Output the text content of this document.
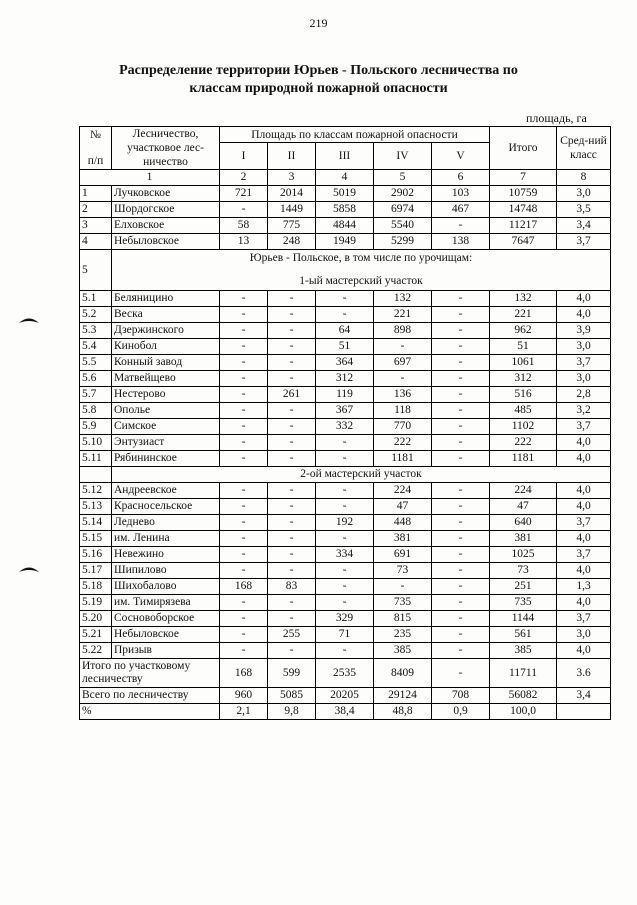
219
Распределение территории Юрьев - Польского лесничества по
классам природной пожарной опасности
площадь, га
№
п/п	Лесничество, участковое лес-ничество	Площадь по классам пожарной опасности					Итого	Сред-ний класс
		I	II	III	IV	V		
1		2	3	4	5	6	7	8
1	Лучковское	721	2014	5019	2902	103	10759	3,0
2	Шордогское	-	1449	5858	6974	467	14748	3,5
3	Елховское	58	775	4844	5540	-	11217	3,4
4	Небыловское	13	248	1949	5299	138	7647	3,7
5	Юрьев - Польское, в том числе по урочищам:
1-ый мастерский участок							

5.1	Беляницино	-	-	-	132	-	132	4,0
5.2	Веска	-	-	-	221	-	221	4,0
5.3	Дзержинского	-	-	64	898	-	962	3,9
5.4	Кинобол	-	-	51	-	-	51	3,0
5.5	Конный завод	-	-	364	697	-	1061	3,7
5.6	Матвейщево	-	-	312	-	-	312	3,0
5.7	Нестерово	-	261	119	136	-	516	2,8
5.8	Ополье	-	-	367	118	-	485	3,2
5.9	Симское	-	-	332	770	-	1102	3,7
5.10	Энтузиаст	-	-	-	222	-	222	4,0
5.11	Рябининское	-	-	-	1181	-	1181	4,0
	2-ой мастерский участок							
5.12	Андреевское	-	-	-	224	-	224	4,0
5.13	Красносельское	-	-	-	47	-	47	4,0
5.14	Леднево	-	-	192	448	-	640	3,7
5.15	им. Ленина	-	-	-	381	-	381	4,0
5.16	Невежино	-	-	334	691	-	1025	3,7
5.17	Шипилово	-	-	-	73	-	73	4,0
5.18	Шихобалово	168	83	-	-	-	251	1,3
5.19	им. Тимирязева	-	-	-	735	-	735	4,0
5.20	Сосновоборское	-	-	329	815	-	1144	3,7
5.21	Небыловское	-	255	71	235	-	561	3,0
5.22	Призыв	-	-	-	385	-	385	4,0
Итого по участковому лесничеству		168	599	2535	8409	-	11711	3.6
Всего по лесничеству		960	5085	20205	29124	708	56082	3,4
%		2,1	9,8	38,4	48,8	0,9	100,0	
